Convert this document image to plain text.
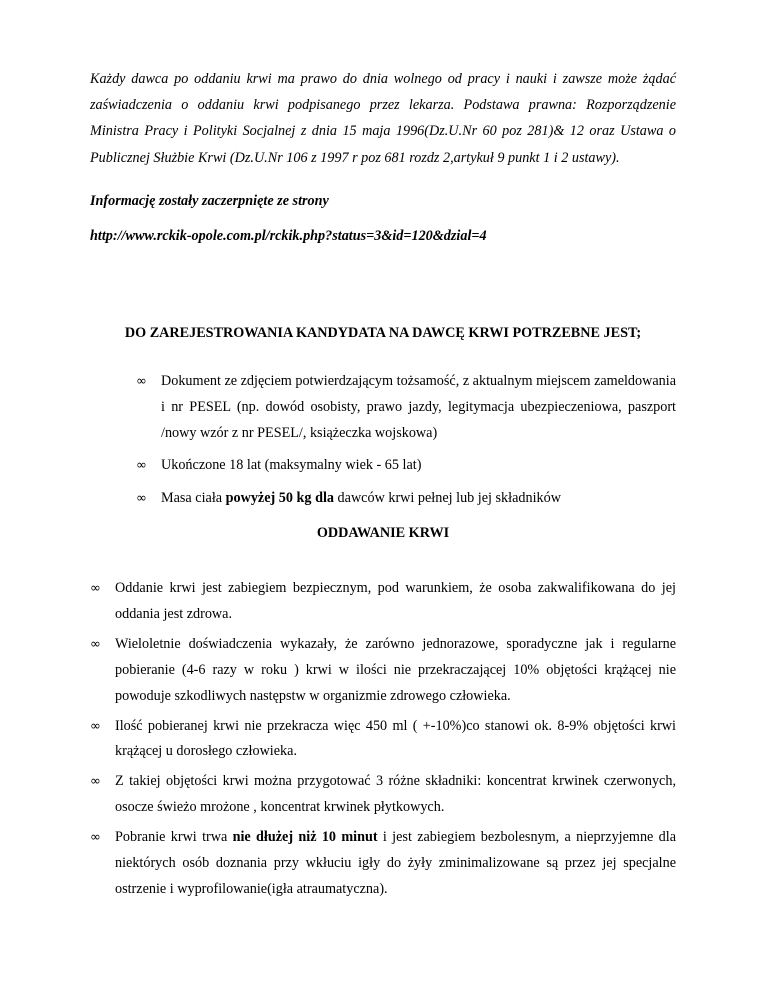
Każdy dawca po oddaniu krwi ma prawo do dnia wolnego od pracy i nauki i zawsze może żądać zaświadczenia o oddaniu krwi podpisanego przez lekarza. Podstawa prawna: Rozporządzenie Ministra Pracy i Polityki Socjalnej z dnia 15 maja 1996(Dz.U.Nr 60 poz 281)& 12 oraz Ustawa o Publicznej Służbie Krwi (Dz.U.Nr 106 z 1997 r poz 681 rozdz 2,artykuł 9 punkt 1 i 2 ustawy).

Informację zostały zaczerpnięte ze strony

http://www.rckik-opole.com.pl/rckik.php?status=3&id=120&dzial=4

DO ZAREJESTROWANIA KANDYDATA NA DAWCĘ KRWI POTRZEBNE JEST;
∞ Dokument ze zdjęciem potwierdzającym tożsamość, z aktualnym miejscem zameldowania i nr PESEL (np. dowód osobisty, prawo jazdy, legitymacja ubezpieczeniowa, paszport /nowy wzór z nr PESEL/, książeczka wojskowa)
∞ Ukończone 18 lat (maksymalny wiek - 65 lat)
∞ Masa ciała powyżej 50 kg dla dawców krwi pełnej lub jej składników
ODDAWANIE KRWI
∞ Oddanie krwi jest zabiegiem bezpiecznym, pod warunkiem, że osoba zakwalifikowana do jej oddania jest zdrowa.
∞ Wieloletnie doświadczenia wykazały, że zarówno jednorazowe, sporadyczne jak i regularne pobieranie (4-6 razy w roku ) krwi w ilości nie przekraczającej 10% objętości krążącej nie powoduje szkodliwych następstw w organizmie zdrowego człowieka.
∞ Ilość pobieranej krwi nie przekracza więc 450 ml ( +-10%)co stanowi ok. 8-9% objętości krwi krążącej u dorosłego człowieka.
∞ Z takiej objętości krwi można przygotować 3 różne składniki: koncentrat krwinek czerwonych, osocze świeżo mrożone , koncentrat krwinek płytkowych.
∞ Pobranie krwi trwa nie dłużej niż 10 minut i jest zabiegiem bezbolesnym, a nieprzyjemne dla niektórych osób doznania przy wkłuciu igły do żyły zminimalizowane są przez jej specjalne ostrzenie i wyprofilowanie(igła atraumatyczna).
